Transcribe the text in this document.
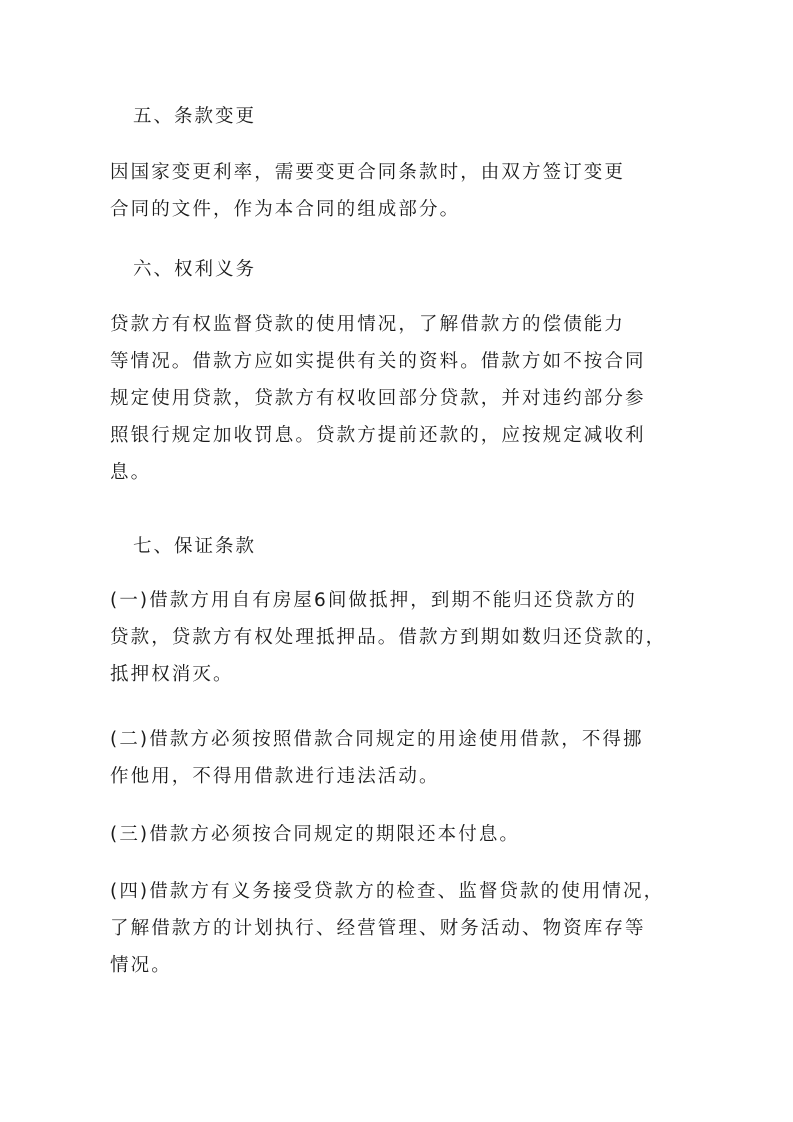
五、条款变更
因国家变更利率，需要变更合同条款时，由双方签订变更
合同的文件，作为本合同的组成部分。
六、权利义务
贷款方有权监督贷款的使用情况，了解借款方的偿债能力
等情况。借款方应如实提供有关的资料。借款方如不按合同
规定使用贷款，贷款方有权收回部分贷款，并对违约部分参
照银行规定加收罚息。贷款方提前还款的，应按规定减收利
息。
七、保证条款
(一)借款方用自有房屋6间做抵押，到期不能归还贷款方的
贷款，贷款方有权处理抵押品。借款方到期如数归还贷款的，
抵押权消灭。
(二)借款方必须按照借款合同规定的用途使用借款，不得挪
作他用，不得用借款进行违法活动。
(三)借款方必须按合同规定的期限还本付息。
(四)借款方有义务接受贷款方的检查、监督贷款的使用情况，
了解借款方的计划执行、经营管理、财务活动、物资库存等
情况。
